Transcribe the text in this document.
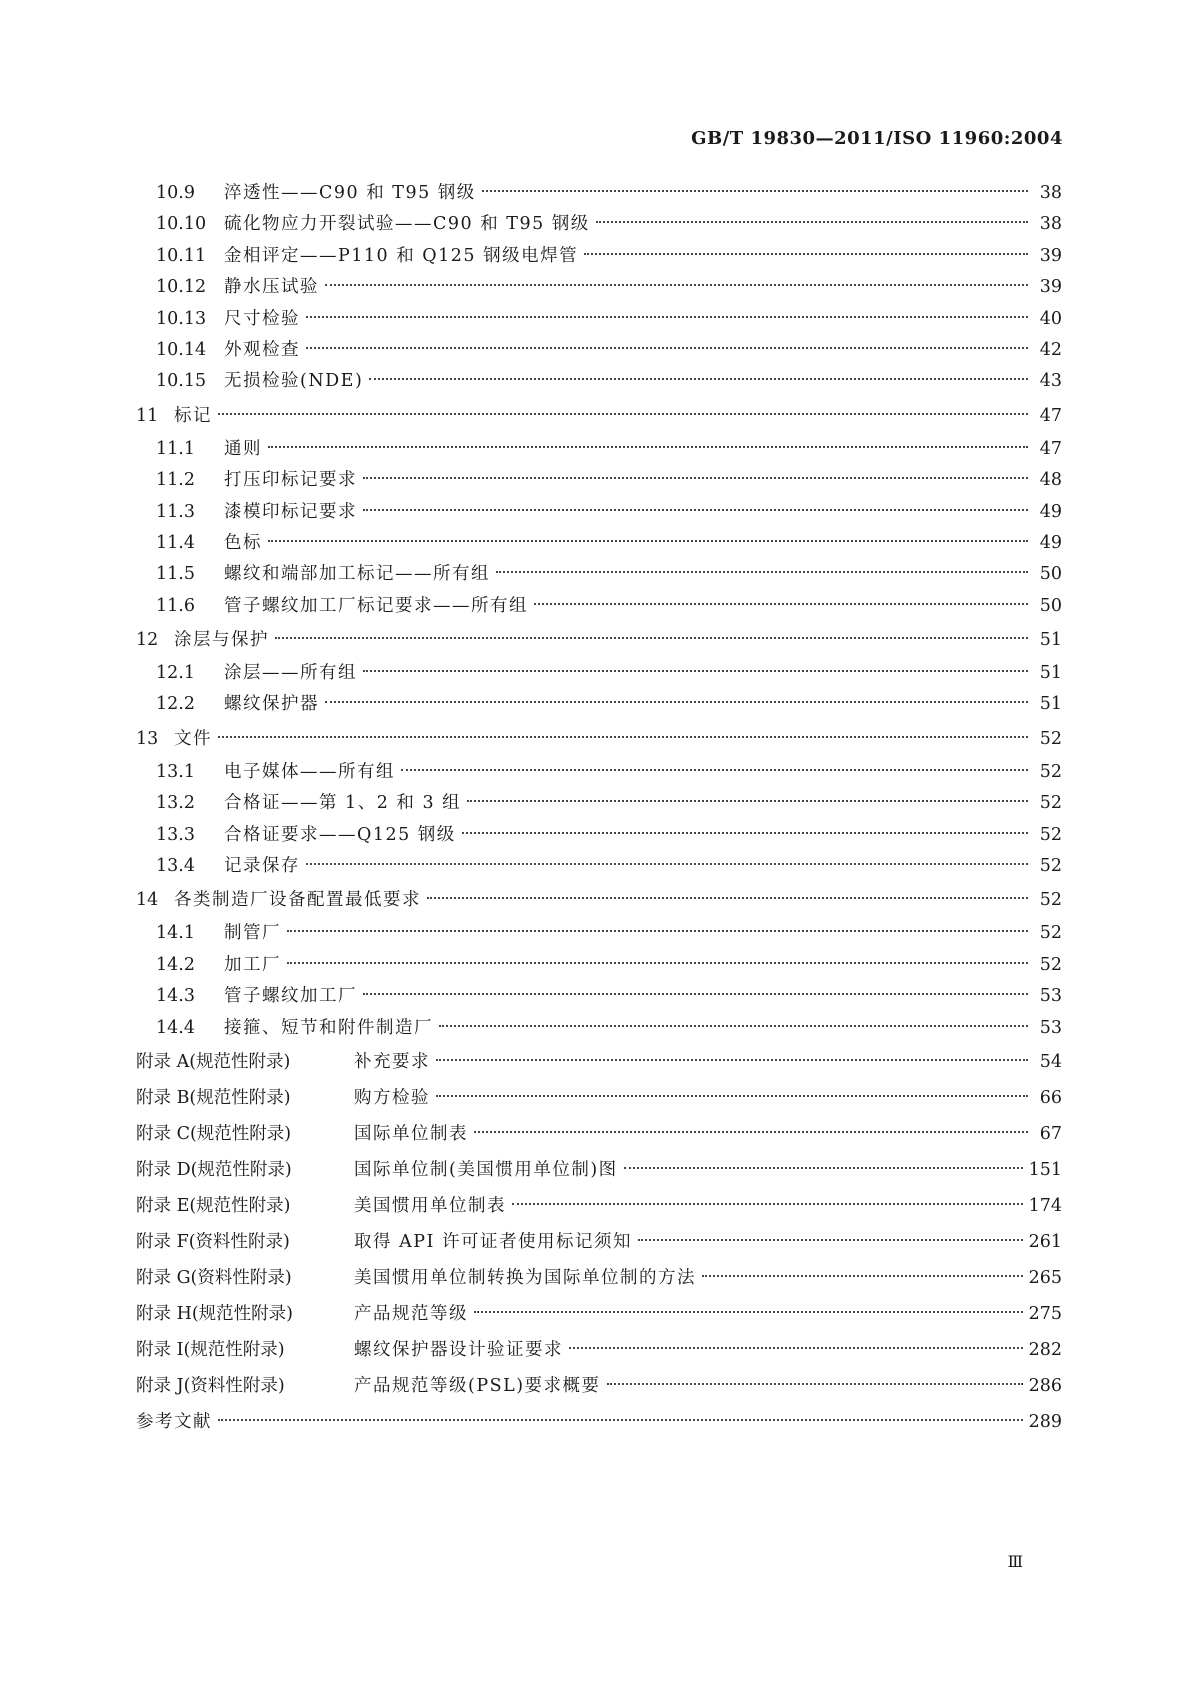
GB/T 19830—2011/ISO 11960:2004
10.9	淬透性——C90 和 T95 钢级	38
10.10	硫化物应力开裂试验——C90 和 T95 钢级	38
10.11	金相评定——P110 和 Q125 钢级电焊管	39
10.12	静水压试验	39
10.13	尺寸检验	40
10.14	外观检查	42
10.15	无损检验(NDE)	43
11 标记	47
11.1	通则	47
11.2	打压印标记要求	48
11.3	漆模印标记要求	49
11.4	色标	49
11.5	螺纹和端部加工标记——所有组	50
11.6	管子螺纹加工厂标记要求——所有组	50
12 涂层与保护	51
12.1	涂层——所有组	51
12.2	螺纹保护器	51
13 文件	52
13.1	电子媒体——所有组	52
13.2	合格证——第 1、2 和 3 组	52
13.3	合格证要求——Q125 钢级	52
13.4	记录保存	52
14 各类制造厂设备配置最低要求	52
14.1	制管厂	52
14.2	加工厂	52
14.3	管子螺纹加工厂	53
14.4	接箍、短节和附件制造厂	53
附录 A(规范性附录)	补充要求	54
附录 B(规范性附录)	购方检验	66
附录 C(规范性附录)	国际单位制表	67
附录 D(规范性附录)	国际单位制(美国惯用单位制)图	151
附录 E(规范性附录)	美国惯用单位制表	174
附录 F(资料性附录)	取得 API 许可证者使用标记须知	261
附录 G(资料性附录)	美国惯用单位制转换为国际单位制的方法	265
附录 H(规范性附录)	产品规范等级	275
附录 I(规范性附录)	螺纹保护器设计验证要求	282
附录 J(资料性附录)	产品规范等级(PSL)要求概要	286
参考文献	289
Ⅲ
